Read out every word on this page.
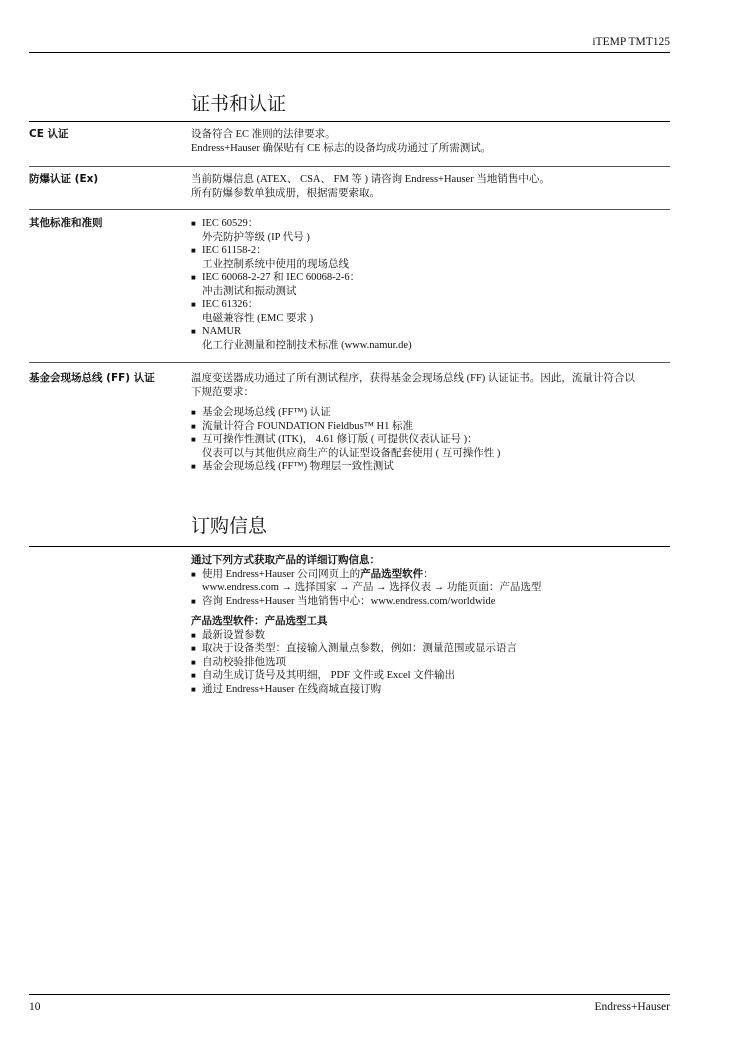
iTEMP TMT125
证书和认证
CE 认证	设备符合 EC 准则的法律要求。
Endress+Hauser 确保贴有 CE 标志的设备均成功通过了所需测试。
防爆认证 (Ex)	当前防爆信息 (ATEX、 CSA、 FM 等 ) 请咨询 Endress+Hauser 当地销售中心。
所有防爆参数单独成册，根据需要索取。
其他标准和准则	■ IEC 60529：
外壳防护等级 (IP 代号 )
■ IEC 61158-2：
工业控制系统中使用的现场总线
■ IEC 60068-2-27 和 IEC 60068-2-6：
冲击测试和振动测试
■ IEC 61326：
电磁兼容性 (EMC 要求 )
■ NAMUR
化工行业测量和控制技术标准 (www.namur.de)
基金会现场总线 (FF) 认证	温度变送器成功通过了所有测试程序，获得基金会现场总线 (FF) 认证证书。因此，流量计符合以
下规范要求：
■ 基金会现场总线 (FF™) 认证
■ 流量计符合 FOUNDATION Fieldbus™ H1 标准
■ 互可操作性测试 (ITK)， 4.61 修订版 ( 可提供仪表认证号 )：
仪表可以与其他供应商生产的认证型设备配套使用 ( 互可操作性 )
■ 基金会现场总线 (FF™) 物理层一致性测试
订购信息
通过下列方式获取产品的详细订购信息：
■ 使用 Endress+Hauser 公司网页上的产品选型软件：
www.endress.com → 选择国家 → 产品 → 选择仪表 → 功能页面：产品选型
■ 咨询 Endress+Hauser 当地销售中心：www.endress.com/worldwide
产品选型软件：产品选型工具
■ 最新设置参数
■ 取决于设备类型：直接输入测量点参数，例如：测量范围或显示语言
■ 自动校验排他选项
■ 自动生成订货号及其明细， PDF 文件或 Excel 文件输出
■ 通过 Endress+Hauser 在线商城直接订购
10	Endress+Hauser
